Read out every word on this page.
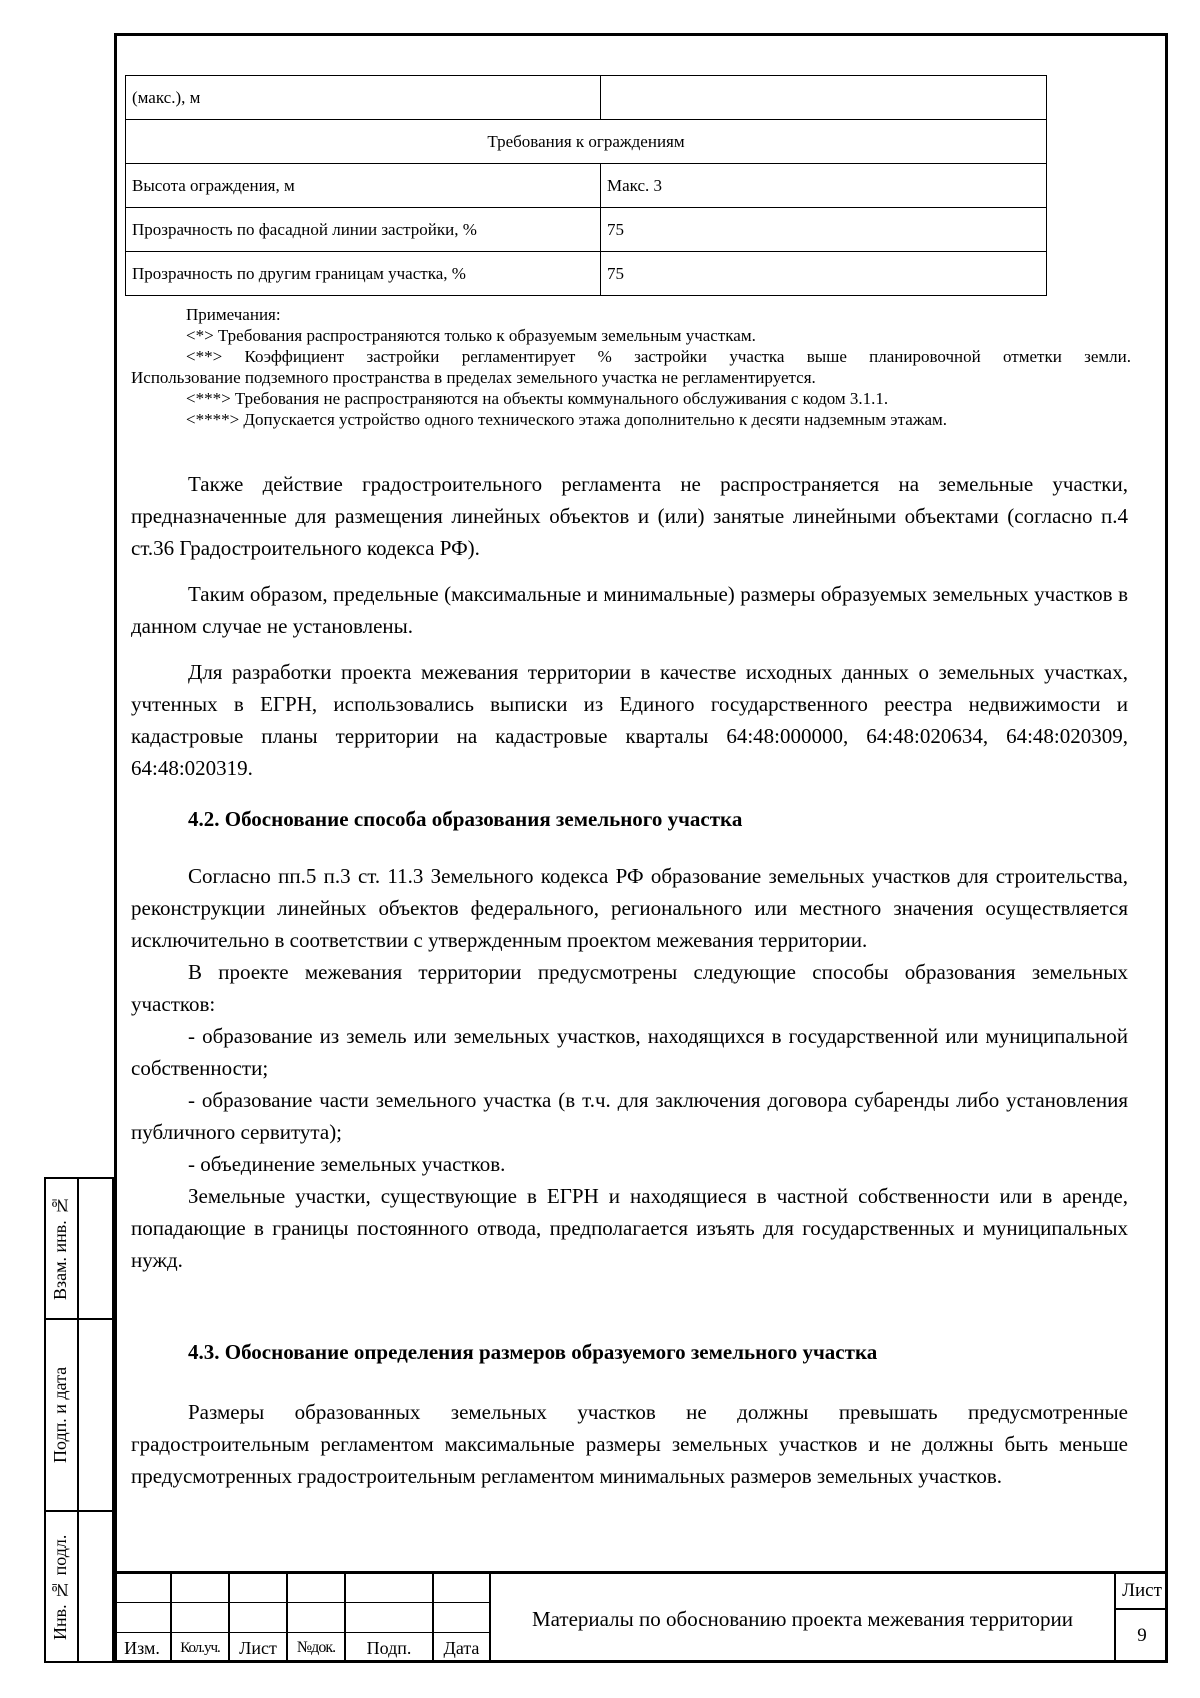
(макс.), м	
Требования к ограждениям	
Высота ограждения, м	Макс. 3
Прозрачность по фасадной линии застройки, %	75
Прозрачность по другим границам участка, %	75

Примечания:

<*> Требования распространяются только к образуемым земельным участкам.

<**> Коэффициент застройки регламентирует % застройки участка выше планировочной отметки земли.

Использование подземного пространства в пределах земельного участка не регламентируется.

<***> Требования не распространяются на объекты коммунального обслуживания с кодом 3.1.1.

<****> Допускается устройство одного технического этажа дополнительно к десяти надземным этажам.

Также действие градостроительного регламента не распространяется на земельные участки, предназначенные для размещения линейных объектов и (или) занятые линейными объектами (согласно п.4 ст.36 Градостроительного кодекса РФ).

Таким образом, предельные (максимальные и минимальные) размеры образуемых земельных участков в данном случае не установлены.

Для разработки проекта межевания территории в качестве исходных данных о земельных участках, учтенных в ЕГРН, использовались выписки из Единого государственного реестра недвижимости и кадастровые планы территории на кадастровые кварталы 64:48:000000, 64:48:020634, 64:48:020309, 64:48:020319.

4.2. Обоснование способа образования земельного участка

Согласно пп.5 п.3 ст. 11.3 Земельного кодекса РФ образование земельных участков для строительства, реконструкции линейных объектов федерального, регионального или местного значения осуществляется исключительно в соответствии с утвержденным проектом межевания территории.

В проекте межевания территории предусмотрены следующие способы образования земельных участков:

- образование из земель или земельных участков, находящихся в государственной или муниципальной собственности;

- образование части земельного участка (в т.ч. для заключения договора субаренды либо установления публичного сервитута);

- объединение земельных участков.

Земельные участки, существующие в ЕГРН и находящиеся в частной собственности или в аренде, попадающие в границы постоянного отвода, предполагается изъять для государственных и муниципальных нужд.

4.3. Обоснование определения размеров образуемого земельного участка

Размеры образованных земельных участков не должны превышать предусмотренные градостроительным регламентом максимальные размеры земельных участков и не должны быть меньше предусмотренных градостроительным регламентом минимальных размеров земельных участков.

Взам. инв. №
Подп. и дата
Инв. № подл.
Изм.	Кол.уч.	Лист	№док.	Подп.	Дата
Материалы по обоснованию проекта межевания территории
Лист
9
